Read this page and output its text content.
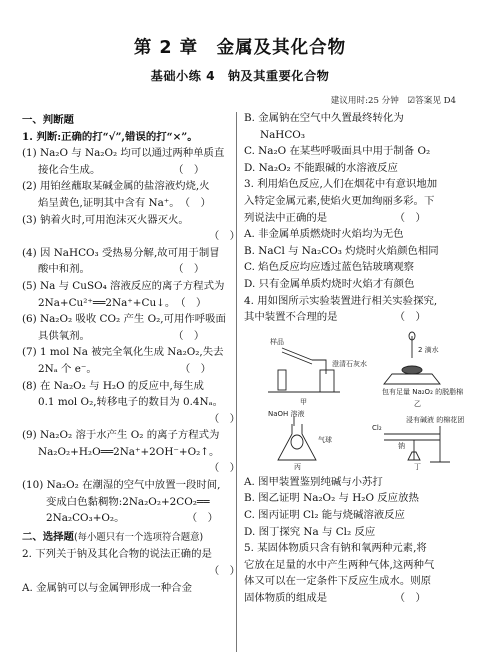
第 2 章　金属及其化合物
基础小练 4　钠及其重要化合物
建议用时:25 分钟　☑答案见 D4
一、判断题
1. 判断:正确的打“√”,错误的打“×”。
(1) Na₂O 与 Na₂O₂ 均可以通过两种单质直
接化合生成。　　　　　　　　（　）
(2) 用铂丝蘸取某碱金属的盐溶液灼烧,火
焰呈黄色,证明其中含有 Na⁺。　（　）
(3) 钠着火时,可用泡沫灭火器灭火。
（　）
(4) 因 NaHCO₃ 受热易分解,故可用于制冒
酸中和剂。　　　　　　　　　（　）
(5) Na 与 CuSO₄ 溶液反应的离子方程式为
2Na+Cu²⁺══2Na⁺+Cu↓。　（　）
(6) Na₂O₂ 吸收 CO₂ 产生 O₂,可用作呼吸面
具供氧剂。　　　　　　　　　（　）
(7) 1 mol Na 被完全氧化生成 Na₂O₂,失去
2Nₐ 个 e⁻。　　　　　　　　　（　）
(8) 在 Na₂O₂ 与 H₂O 的反应中,每生成
0.1 mol O₂,转移电子的数目为 0.4Nₐ。
（　）
(9) Na₂O₂ 溶于水产生 O₂ 的离子方程式为
Na₂O₂+H₂O══2Na⁺+2OH⁻+O₂↑。
（　）
(10) Na₂O₂ 在潮湿的空气中放置一段时间,
变成白色黏稠物:2Na₂O₂+2CO₂══
2Na₂CO₃+O₂。　　　　　　　（　）
二、选择题(每小题只有一个选项符合题意)
2. 下列关于钠及其化合物的说法正确的是
（　）
A. 金属钠可以与金属钾形成一种合金
B. 金属钠在空气中久置最终转化为
NaHCO₃
C. Na₂O 在某些呼吸面具中用于制备 O₂
D. Na₂O₂ 不能跟碱的水溶液反应
3. 利用焰色反应,人们在烟花中有意识地加
入特定金属元素,使焰火更加绚丽多彩。下
列说法中正确的是　　　　　　　（　）
A. 非金属单质燃烧时火焰均为无色
B. NaCl 与 Na₂CO₃ 灼烧时火焰颜色相同
C. 焰色反应均应透过蓝色钴玻璃观察
D. 只有金属单质灼烧时火焰才有颜色
4. 用如图所示实验装置进行相关实验探究,
其中装置不合理的是　　　　　　（　）
样品
澄清石灰水
甲
2 滴水
包有足量 Na₂O₂ 的脱脂棉
乙
NaOH 溶液
气球
丙
Cl₂
浸有碱液 的棉花团
钠
丁
A. 图甲装置鉴别纯碱与小苏打
B. 图乙证明 Na₂O₂ 与 H₂O 反应放热
C. 图丙证明 Cl₂ 能与烧碱溶液反应
D. 图丁探究 Na 与 Cl₂ 反应
5. 某固体物质只含有钠和氧两种元素,将
它放在足量的水中产生两种气体,这两种气
体又可以在一定条件下反应生成水。则原
固体物质的组成是　　　　　　　（　）
